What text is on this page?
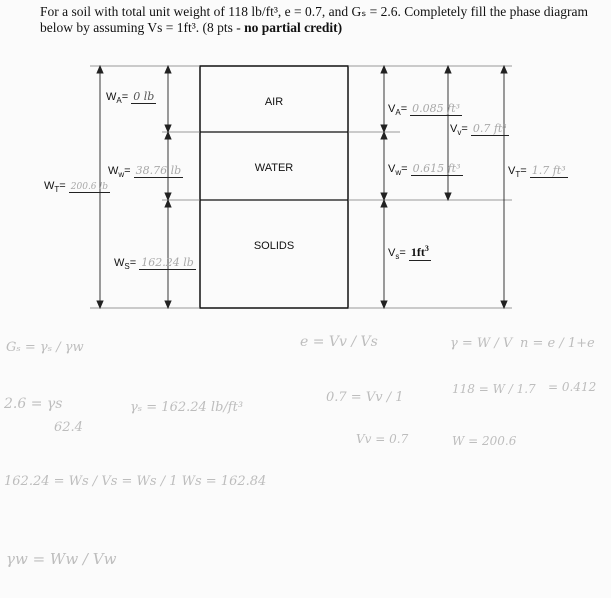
For a soil with total unit weight of 118 lb/ft³, e = 0.7, and Gₛ = 2.6. Completely fill the phase diagram below by assuming Vs = 1ft³. (8 pts - no partial credit)
AIR
WATER
SOLIDS
$W_A= 0$ lb
$W_w= 38.76$ lb
$W_T= 200.6$ lb
$W_S= 162.24$ lb
$V_A= 0.085$ ft³
$V_v= 0.7$ ft³
$V_w= 0.615$ ft³	$V_T= 1.7$ ft³
$V_s= 1ft^3$
Gₛ = γₛ / γw
2.6 = γs
62.4
γₛ = 162.24 lb/ft³
162.24 = Ws / Vs = Ws / 1 Ws = 162.84
γw = Ww / Vw
e = Vv / Vs
0.7 = Vv / 1
Vv = 0.7
γ = W / V
118 = W / 1.7
W = 200.6
n = e / 1+e
= 0.412
